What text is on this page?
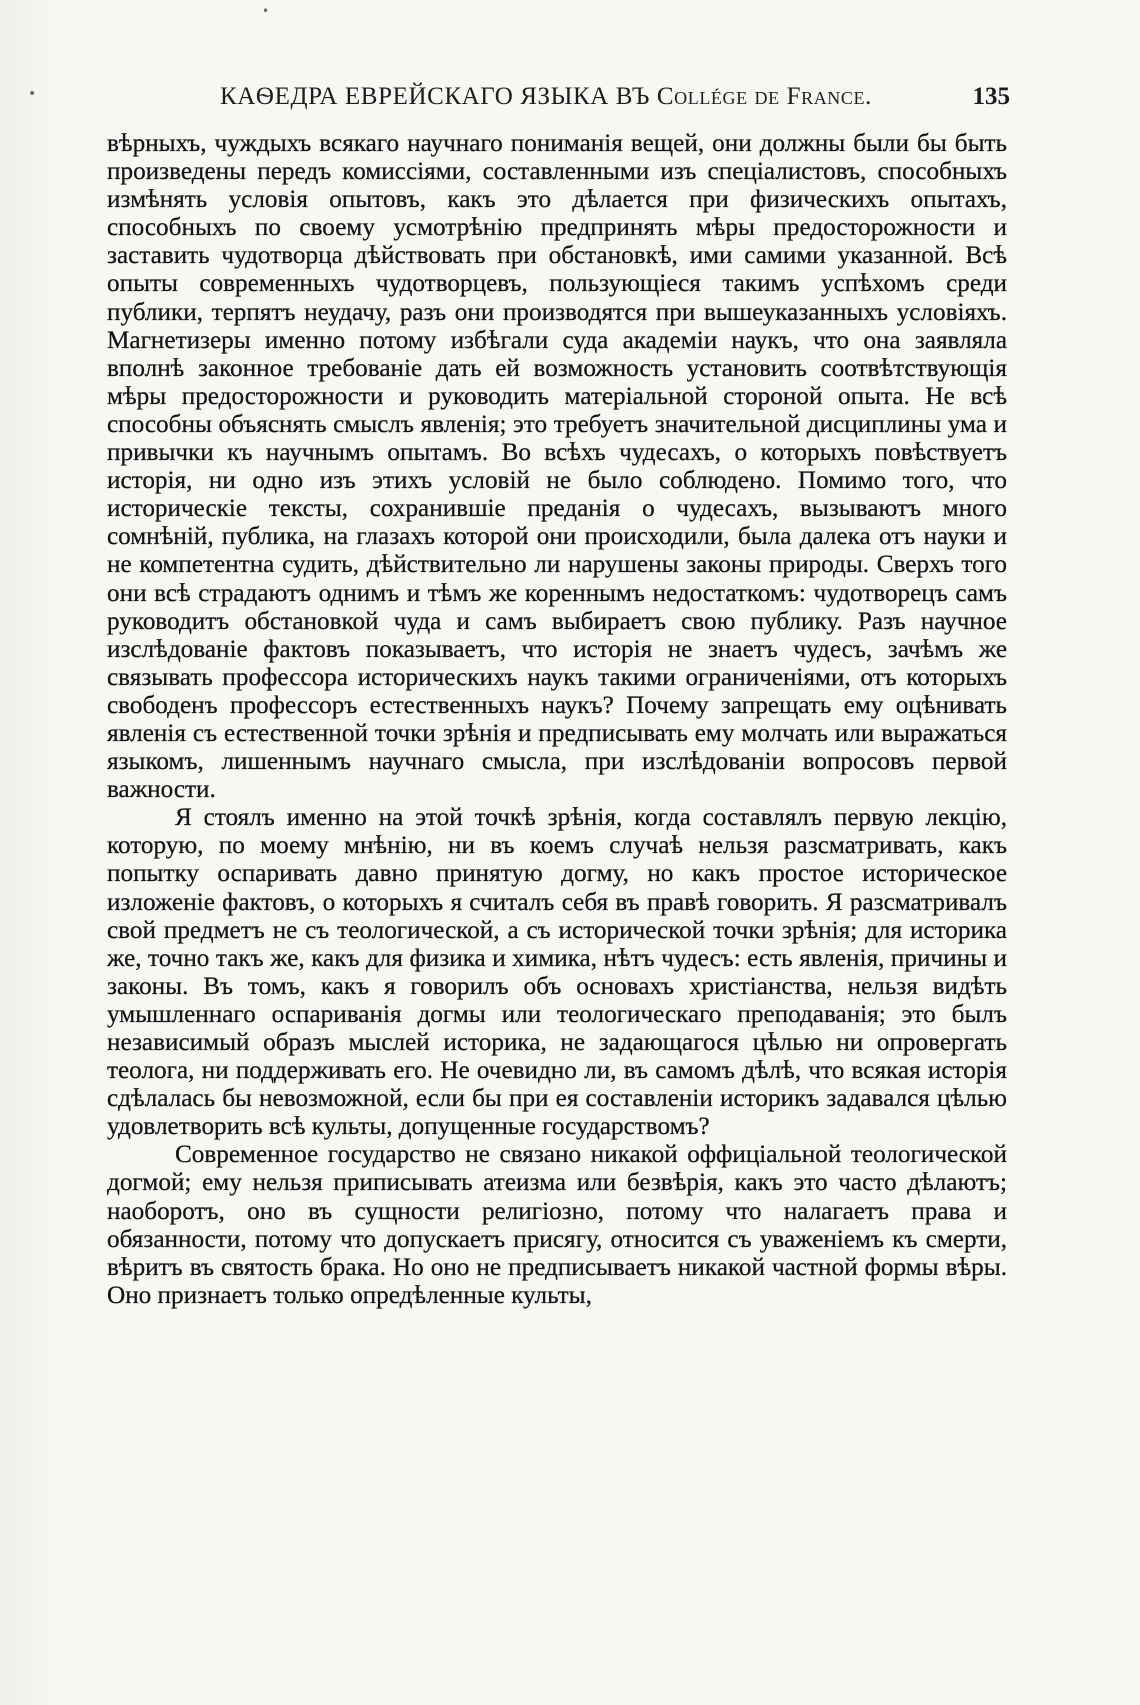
•
•
КАѲЕДРА ЕВРЕЙСКАГО ЯЗЫКА ВЪ Collége de France.	135

вѣрныхъ, чуждыхъ всякаго научнаго пониманія вещей, они должны были бы быть произведены передъ комиссіями, составленными изъ спеціалистовъ, способныхъ измѣнять условія опытовъ, какъ это дѣлается при физическихъ опытахъ, способныхъ по своему усмотрѣнію предпринять мѣры предосторожности и заставить чудотворца дѣйствовать при обстановкѣ, ими самими указанной. Всѣ опыты современныхъ чудотворцевъ, пользующіеся такимъ успѣхомъ среди публики, терпятъ неудачу, разъ они производятся при вышеуказанныхъ условіяхъ. Магнетизеры именно потому избѣгали суда академіи наукъ, что она заявляла вполнѣ законное требованіе дать ей возможность установить соотвѣтствующія мѣры предосторожности и руководить матеріальной стороной опыта. Не всѣ способны объяснять смыслъ явленія; это требуетъ значительной дисциплины ума и привычки къ научнымъ опытамъ. Во всѣхъ чудесахъ, о которыхъ повѣствуетъ исторія, ни одно изъ этихъ условій не было соблюдено. Помимо того, что историческіе тексты, сохранившіе преданія о чудесахъ, вызываютъ много сомнѣній, публика, на глазахъ которой они происходили, была далека отъ науки и не компетентна судить, дѣйствительно ли нарушены законы природы. Сверхъ того они всѣ страдаютъ однимъ и тѣмъ же кореннымъ недостаткомъ: чудотворецъ самъ руководитъ обстановкой чуда и самъ выбираетъ свою публику. Разъ научное изслѣдованіе фактовъ показываетъ, что исторія не знаетъ чудесъ, зачѣмъ же связывать профессора историческихъ наукъ такими ограниченіями, отъ которыхъ свободенъ профессоръ естественныхъ наукъ? Почему запрещать ему оцѣнивать явленія съ естественной точки зрѣнія и предписывать ему молчать или выражаться языкомъ, лишеннымъ научнаго смысла, при изслѣдованіи вопросовъ первой важности.

Я стоялъ именно на этой точкѣ зрѣнія, когда составлялъ первую лекцію, которую, по моему мнѣнію, ни въ коемъ случаѣ нельзя разсматривать, какъ попытку оспаривать давно принятую догму, но какъ простое историческое изложеніе фактовъ, о которыхъ я считалъ себя въ правѣ говорить. Я разсматривалъ свой предметъ не съ теологической, а съ исторической точки зрѣнія; для историка же, точно такъ же, какъ для физика и химика, нѣтъ чудесъ: есть явленія, причины и законы. Въ томъ, какъ я говорилъ объ основахъ христіанства, нельзя видѣть умышленнаго оспариванія догмы или теологическаго преподаванія; это былъ независимый образъ мыслей историка, не задающагося цѣлью ни опровергать теолога, ни поддерживать его. Не очевидно ли, въ самомъ дѣлѣ, что всякая исторія сдѣлалась бы невозможной, если бы при ея составленіи историкъ задавался цѣлью удовлетворить всѣ культы, допущенные государствомъ?

Современное государство не связано никакой оффиціальной теологической догмой; ему нельзя приписывать атеизма или безвѣрія, какъ это часто дѣлаютъ; наоборотъ, оно въ сущности религіозно, потому что налагаетъ права и обязанности, потому что допускаетъ присягу, относится съ уваженіемъ къ смерти, вѣритъ въ святость брака. Но оно не предписываетъ никакой частной формы вѣры. Оно признаетъ только опредѣленные культы,
